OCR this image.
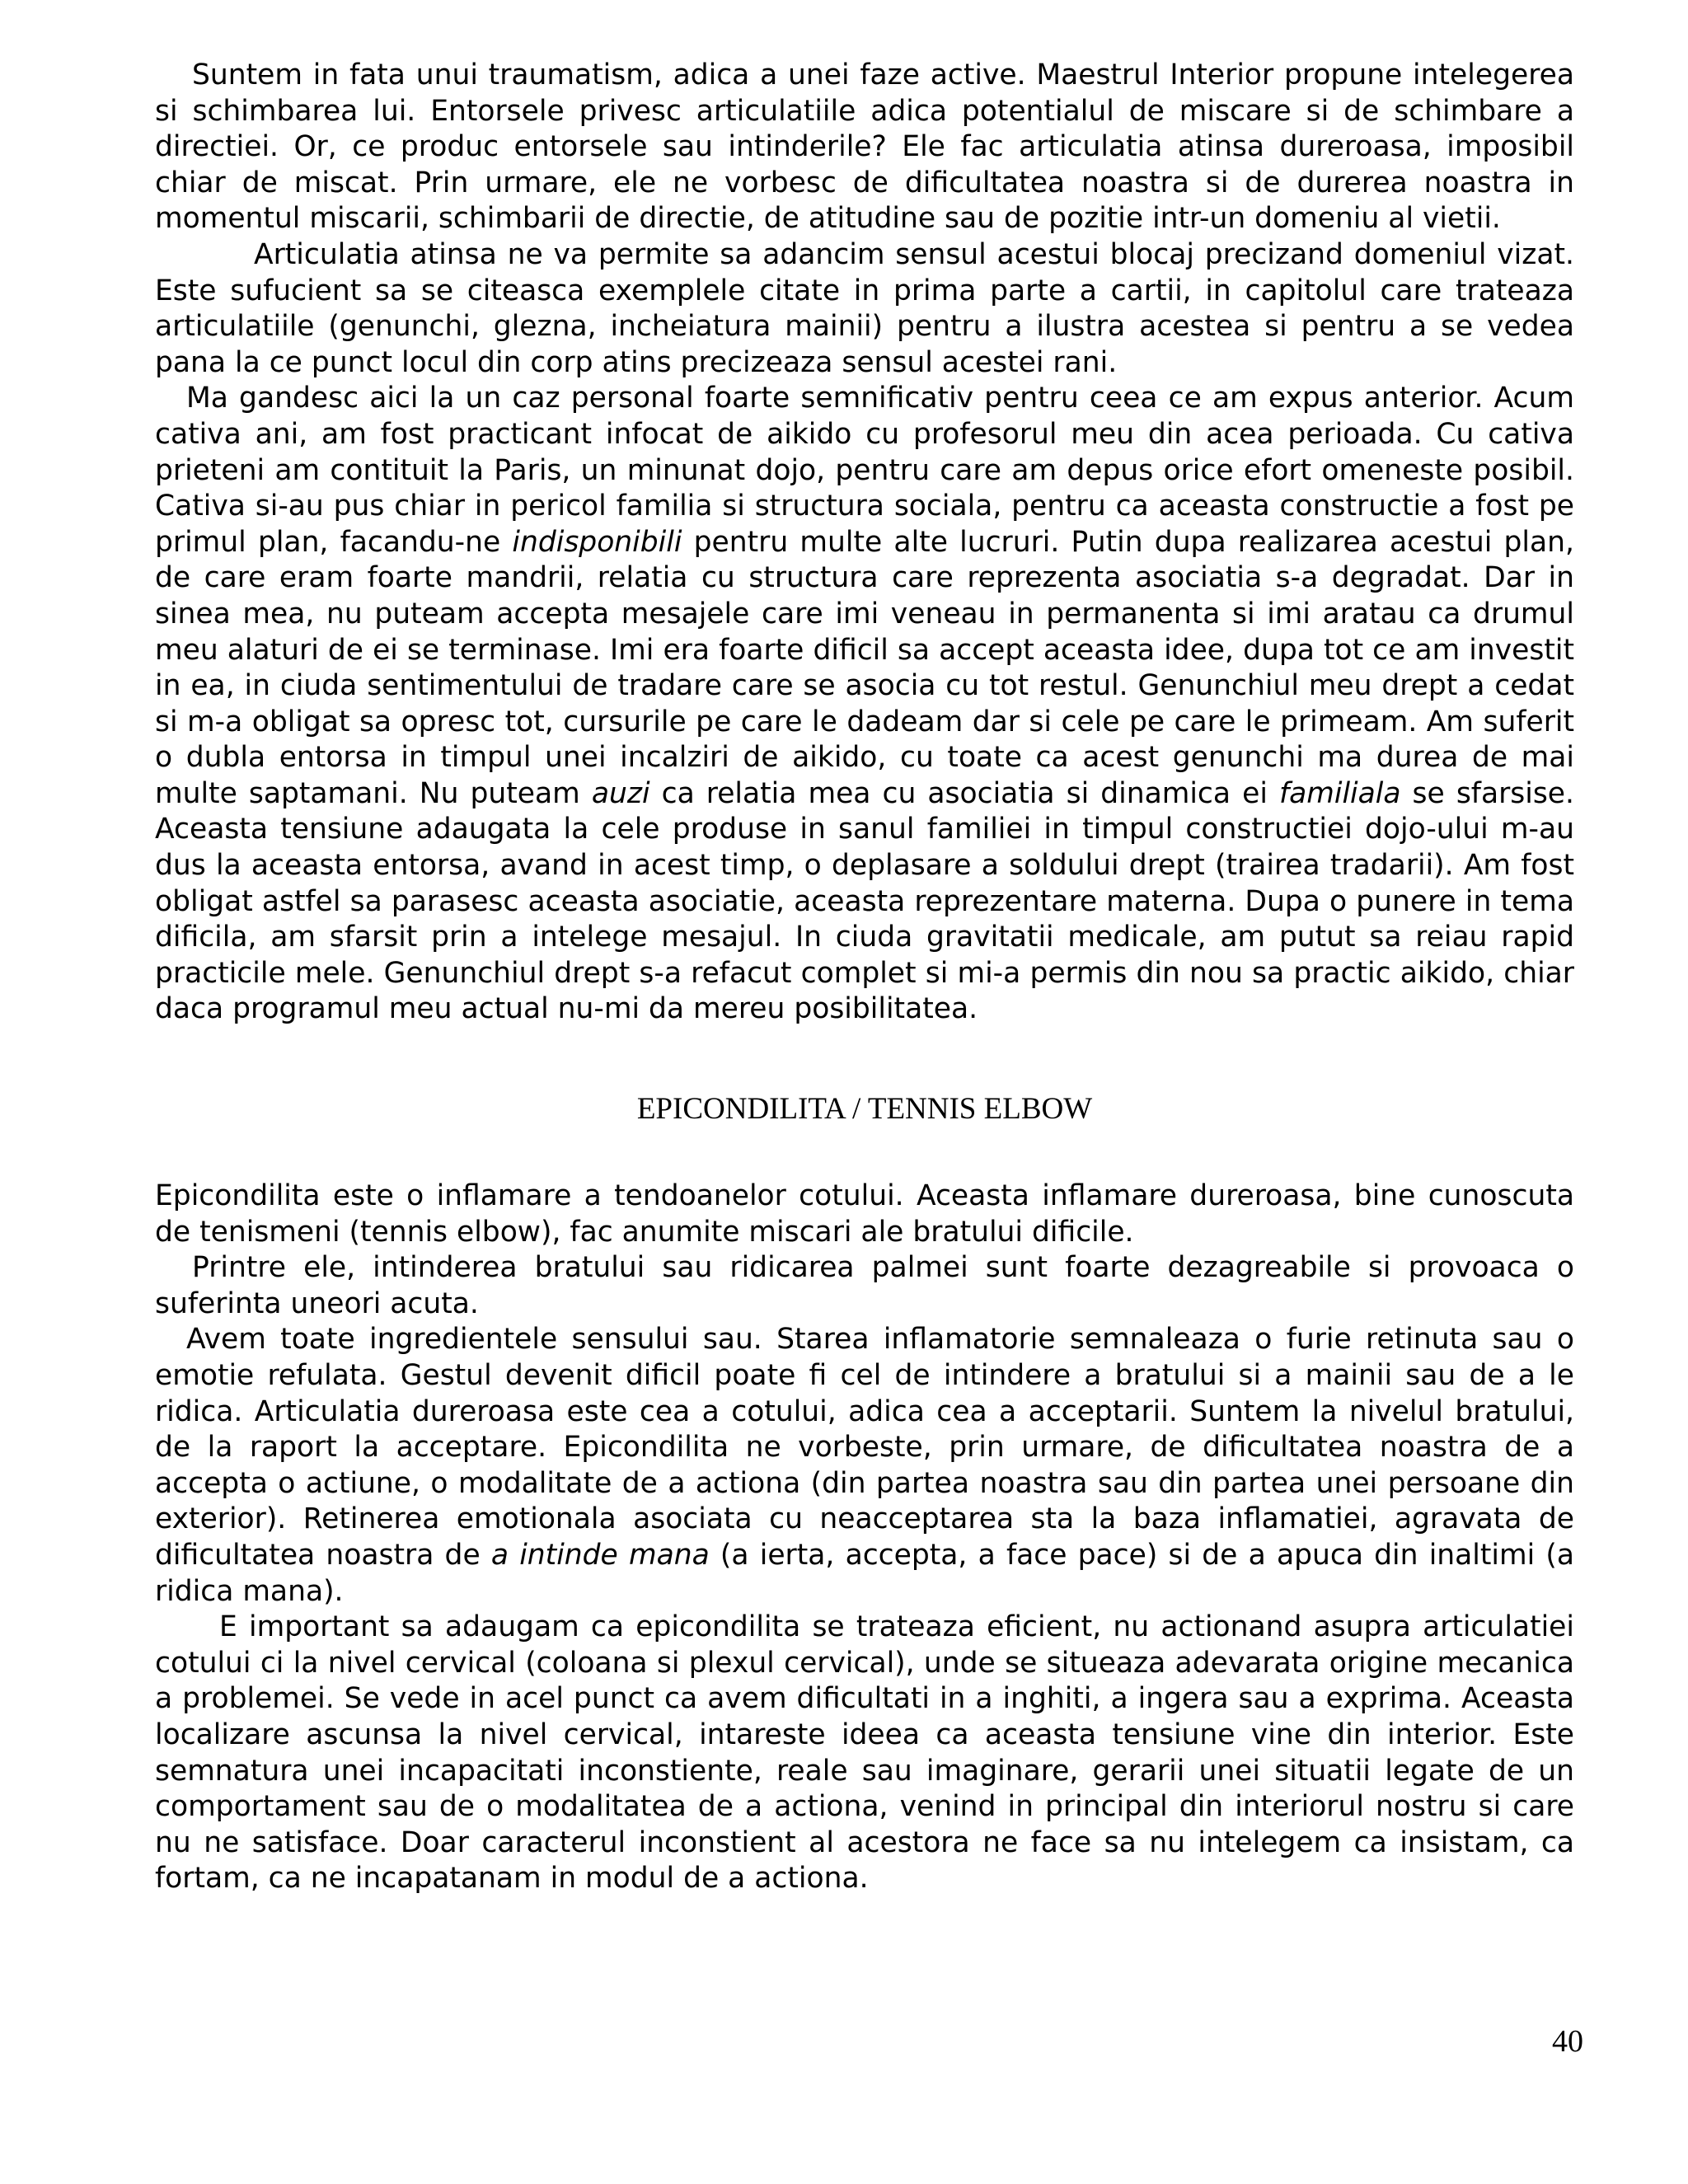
Suntem in fata unui traumatism, adica a unei faze active. Maestrul Interior propune intelegerea si schimbarea lui. Entorsele privesc articulatiile adica potentialul de miscare si de schimbare a directiei. Or, ce produc entorsele sau intinderile? Ele fac articulatia atinsa dureroasa, imposibil chiar de miscat. Prin urmare, ele ne vorbesc de dificultatea noastra si de durerea noastra in momentul miscarii, schimbarii de directie, de atitudine sau de pozitie intr-un domeniu al vietii.

Articulatia atinsa ne va permite sa adancim sensul acestui blocaj precizand domeniul vizat. Este sufucient sa se citeasca exemplele citate in prima parte a cartii, in capitolul care trateaza articulatiile (genunchi, glezna, incheiatura mainii) pentru a ilustra acestea si pentru a se vedea pana la ce punct locul din corp atins precizeaza sensul acestei rani.

Ma gandesc aici la un caz personal foarte semnificativ pentru ceea ce am expus anterior. Acum cativa ani, am fost practicant infocat de aikido cu profesorul meu din acea perioada. Cu cativa prieteni am contituit la Paris, un minunat dojo, pentru care am depus orice efort omeneste posibil. Cativa si-au pus chiar in pericol familia si structura sociala, pentru ca aceasta constructie a fost pe primul plan, facandu-ne indisponibili pentru multe alte lucruri. Putin dupa realizarea acestui plan, de care eram foarte mandrii, relatia cu structura care reprezenta asociatia s-a degradat. Dar in sinea mea, nu puteam accepta mesajele care imi veneau in permanenta si imi aratau ca drumul meu alaturi de ei se terminase. Imi era foarte dificil sa accept aceasta idee, dupa tot ce am investit in ea, in ciuda sentimentului de tradare care se asocia cu tot restul. Genunchiul meu drept a cedat si m-a obligat sa opresc tot, cursurile pe care le dadeam dar si cele pe care le primeam. Am suferit o dubla entorsa in timpul unei incalziri de aikido, cu toate ca acest genunchi ma durea de mai multe saptamani. Nu puteam auzi ca relatia mea cu asociatia si dinamica ei familiala se sfarsise. Aceasta tensiune adaugata la cele produse in sanul familiei in timpul constructiei dojo-ului m-au dus la aceasta entorsa, avand in acest timp, o deplasare a soldului drept (trairea tradarii). Am fost obligat astfel sa parasesc aceasta asociatie, aceasta reprezentare materna. Dupa o punere in tema dificila, am sfarsit prin a intelege mesajul. In ciuda gravitatii medicale, am putut sa reiau rapid practicile mele. Genunchiul drept s-a refacut complet si mi-a permis din nou sa practic aikido, chiar daca programul meu actual nu-mi da mereu posibilitatea.

EPICONDILITA / TENNIS ELBOW

Epicondilita este o inflamare a tendoanelor cotului. Aceasta inflamare dureroasa, bine cunoscuta de tenismeni (tennis elbow), fac anumite miscari ale bratului dificile.

Printre ele, intinderea bratului sau ridicarea palmei sunt foarte dezagreabile si provoaca o suferinta uneori acuta.

Avem toate ingredientele sensului sau. Starea inflamatorie semnaleaza o furie retinuta sau o emotie refulata. Gestul devenit dificil poate fi cel de intindere a bratului si a mainii sau de a le ridica. Articulatia dureroasa este cea a cotului, adica cea a acceptarii. Suntem la nivelul bratului, de la raport la acceptare. Epicondilita ne vorbeste, prin urmare, de dificultatea noastra de a accepta o actiune, o modalitate de a actiona (din partea noastra sau din partea unei persoane din exterior). Retinerea emotionala asociata cu neacceptarea sta la baza inflamatiei, agravata de dificultatea noastra de a intinde mana (a ierta, accepta, a face pace) si de a apuca din inaltimi (a ridica mana).

E important sa adaugam ca epicondilita se trateaza eficient, nu actionand asupra articulatiei cotului ci la nivel cervical (coloana si plexul cervical), unde se situeaza adevarata origine mecanica a problemei. Se vede in acel punct ca avem dificultati in a inghiti, a ingera sau a exprima. Aceasta localizare ascunsa la nivel cervical, intareste ideea ca aceasta tensiune vine din interior. Este semnatura unei incapacitati inconstiente, reale sau imaginare, gerarii unei situatii legate de un comportament sau de o modalitatea de a actiona, venind in principal din interiorul nostru si care nu ne satisface. Doar caracterul inconstient al acestora ne face sa nu intelegem ca insistam, ca fortam, ca ne incapatanam in modul de a actiona.

40
